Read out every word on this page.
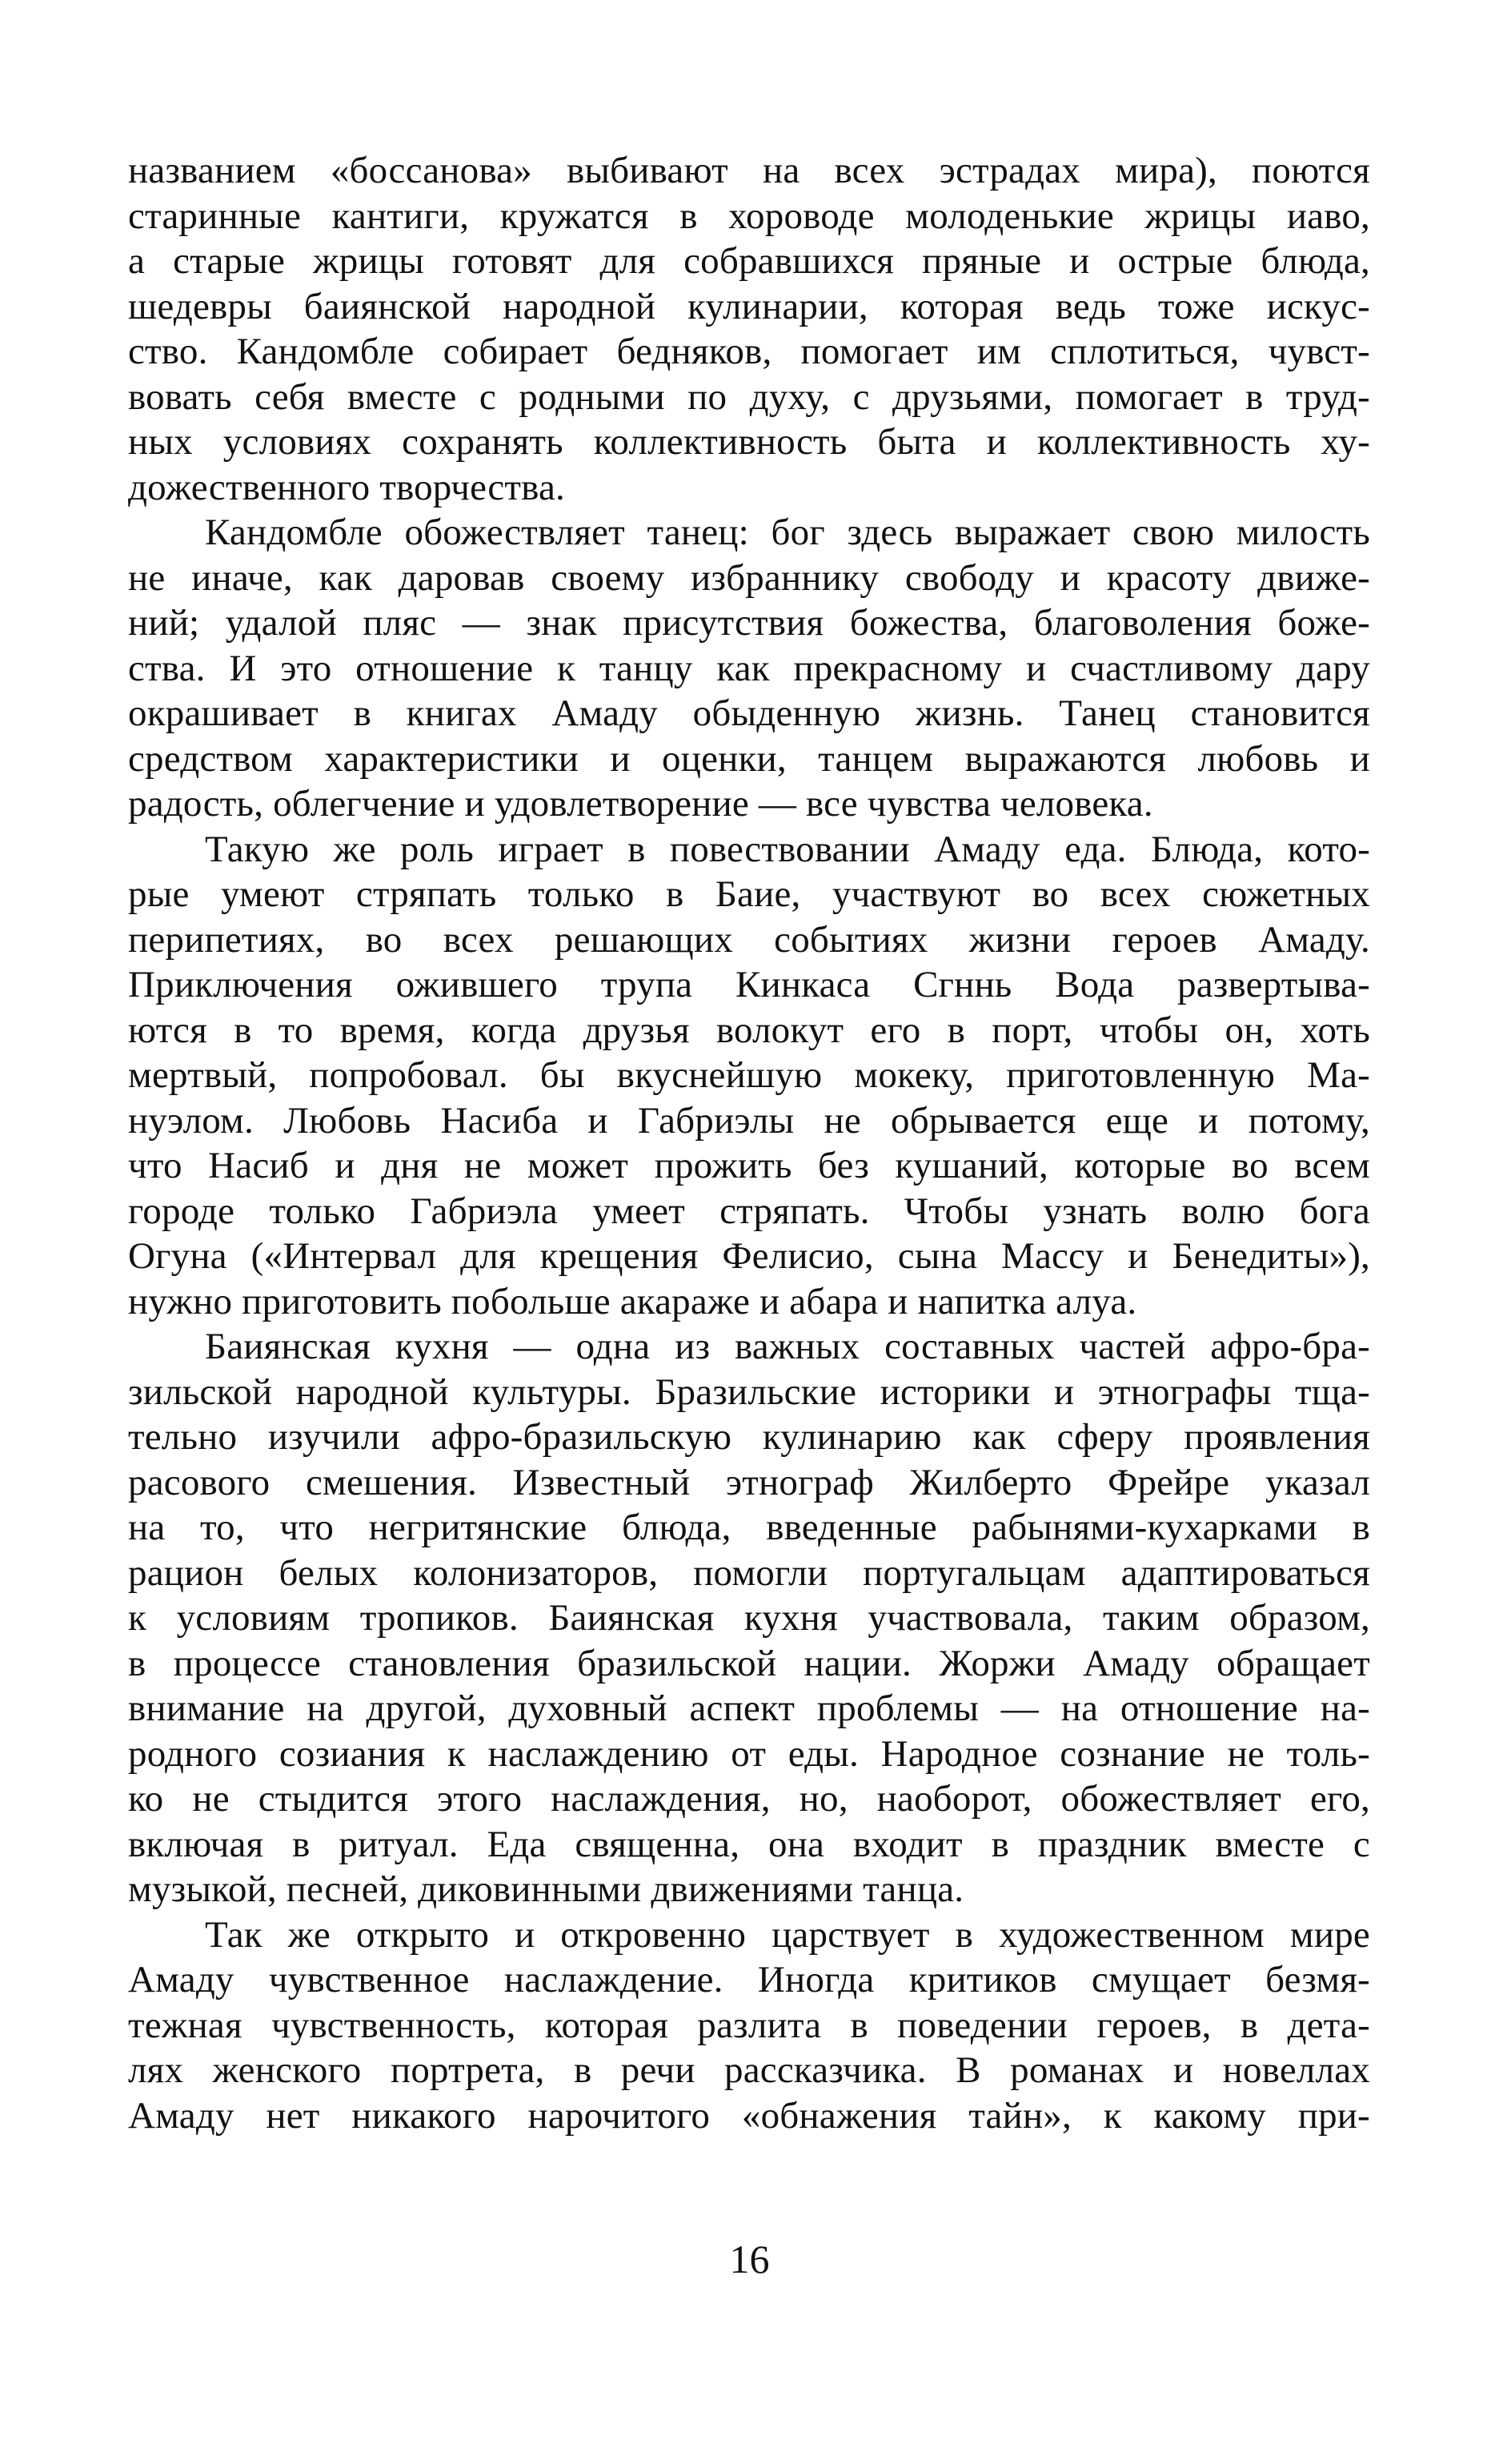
названием «боссанова» выбивают на всех эстрадах мира), поются
старинные кантиги, кружатся в хороводе молоденькие жрицы иаво,
а старые жрицы готовят для собравшихся пряные и острые блюда,
шедевры баиянской народной кулинарии, которая ведь тоже искус-
ство. Кандомбле собирает бедняков, помогает им сплотиться, чувст-
вовать себя вместе с родными по духу, с друзьями, помогает в труд-
ных условиях сохранять коллективность быта и коллективность ху-
дожественного творчества.
Кандомбле обожествляет танец: бог здесь выражает свою милость
не иначе, как даровав своему избраннику свободу и красоту движе-
ний; удалой пляс — знак присутствия божества, благоволения боже-
ства. И это отношение к танцу как прекрасному и счастливому дару
окрашивает в книгах Амаду обыденную жизнь. Танец становится
средством характеристики и оценки, танцем выражаются любовь и
радость, облегчение и удовлетворение — все чувства человека.
Такую же роль играет в повествовании Амаду еда. Блюда, кото-
рые умеют стряпать только в Баие, участвуют во всех сюжетных
перипетиях, во всех решающих событиях жизни героев Амаду.
Приключения ожившего трупа Кинкаса Сгннь Вода развертыва-
ются в то время, когда друзья волокут его в порт, чтобы он, хоть
мертвый, попробовал. бы вкуснейшую мокеку, приготовленную Ма-
нуэлом. Любовь Насиба и Габриэлы не обрывается еще и потому,
что Насиб и дня не может прожить без кушаний, которые во всем
городе только Габриэла умеет стряпать. Чтобы узнать волю бога
Огуна («Интервал для крещения Фелисио, сына Массу и Бенедиты»),
нужно приготовить побольше акараже и абара и напитка алуа.
Баиянская кухня — одна из важных составных частей афро-бра-
зильской народной культуры. Бразильские историки и этнографы тща-
тельно изучили афро-бразильскую кулинарию как сферу проявления
расового смешения. Известный этнограф Жилберто Фрейре указал
на то, что негритянские блюда, введенные рабынями-кухарками в
рацион белых колонизаторов, помогли португальцам адаптироваться
к условиям тропиков. Баиянская кухня участвовала, таким образом,
в процессе становления бразильской нации. Жоржи Амаду обращает
внимание на другой, духовный аспект проблемы — на отношение на-
родного созиания к наслаждению от еды. Народное сознание не толь-
ко не стыдится этого наслаждения, но, наоборот, обожествляет его,
включая в ритуал. Еда священна, она входит в праздник вместе с
музыкой, песней, диковинными движениями танца.
Так же открыто и откровенно царствует в художественном мире
Амаду чувственное наслаждение. Иногда критиков смущает безмя-
тежная чувственность, которая разлита в поведении героев, в дета-
лях женского портрета, в речи рассказчика. В романах и новеллах
Амаду нет никакого нарочитого «обнажения тайн», к какому при-
16
